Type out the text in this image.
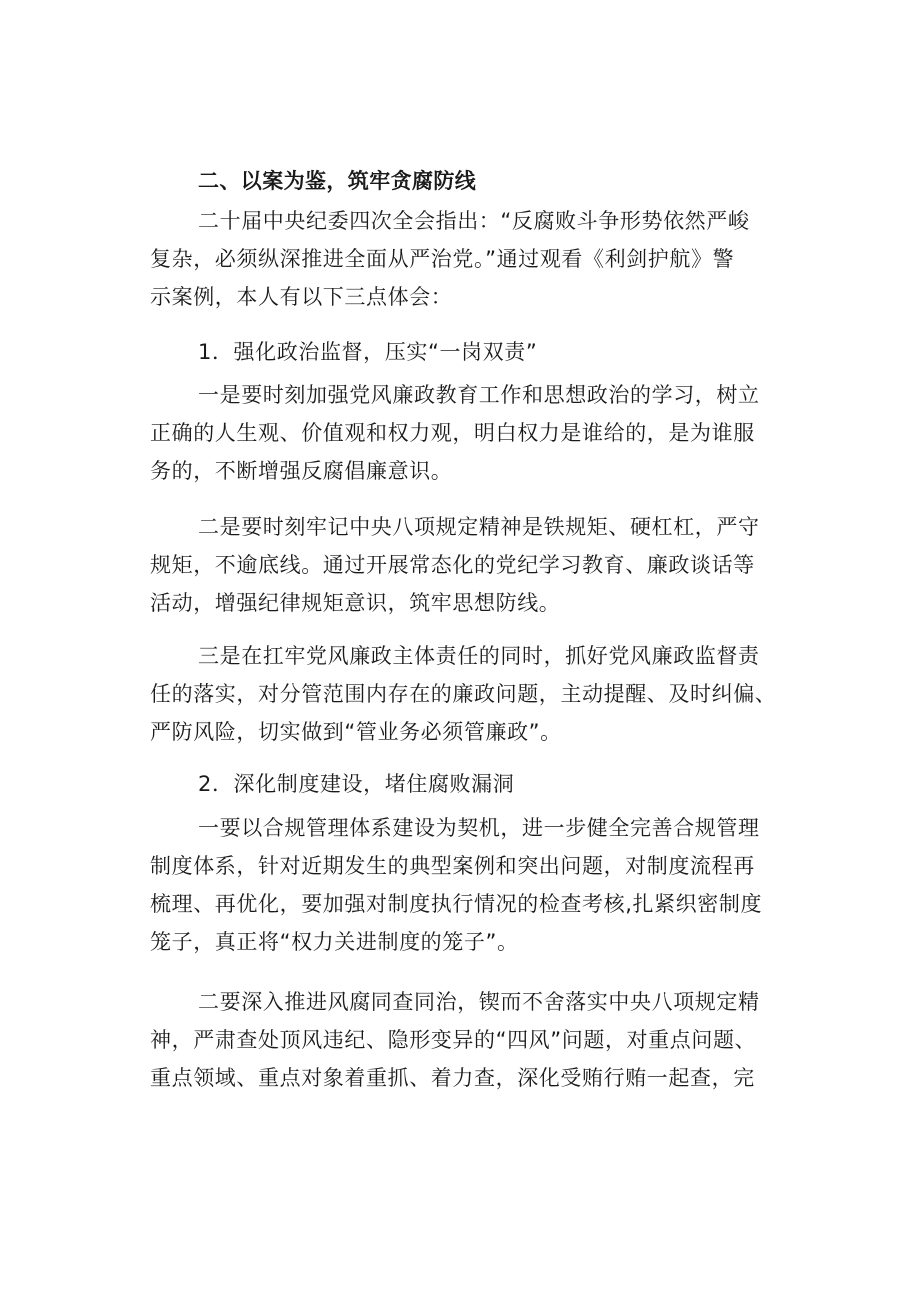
二、以案为鉴，筑牢贪腐防线
二十届中央纪委四次全会指出：“反腐败斗争形势依然严峻
复杂，必须纵深推进全面从严治党。”通过观看《利剑护航》警
示案例，本人有以下三点体会：
1．强化政治监督，压实“一岗双责”
一是要时刻加强党风廉政教育工作和思想政治的学习，树立
正确的人生观、价值观和权力观，明白权力是谁给的，是为谁服
务的，不断增强反腐倡廉意识。
二是要时刻牢记中央八项规定精神是铁规矩、硬杠杠，严守
规矩，不逾底线。通过开展常态化的党纪学习教育、廉政谈话等
活动，增强纪律规矩意识，筑牢思想防线。
三是在扛牢党风廉政主体责任的同时，抓好党风廉政监督责
任的落实，对分管范围内存在的廉政问题，主动提醒、及时纠偏、
严防风险，切实做到“管业务必须管廉政”。
2．深化制度建设，堵住腐败漏洞
一要以合规管理体系建设为契机，进一步健全完善合规管理
制度体系，针对近期发生的典型案例和突出问题，对制度流程再
梳理、再优化，要加强对制度执行情况的检查考核,扎紧织密制度
笼子，真正将“权力关进制度的笼子”。
二要深入推进风腐同查同治，锲而不舍落实中央八项规定精
神，严肃查处顶风违纪、隐形变异的“四风”问题，对重点问题、
重点领域、重点对象着重抓、着力查，深化受贿行贿一起查，完
